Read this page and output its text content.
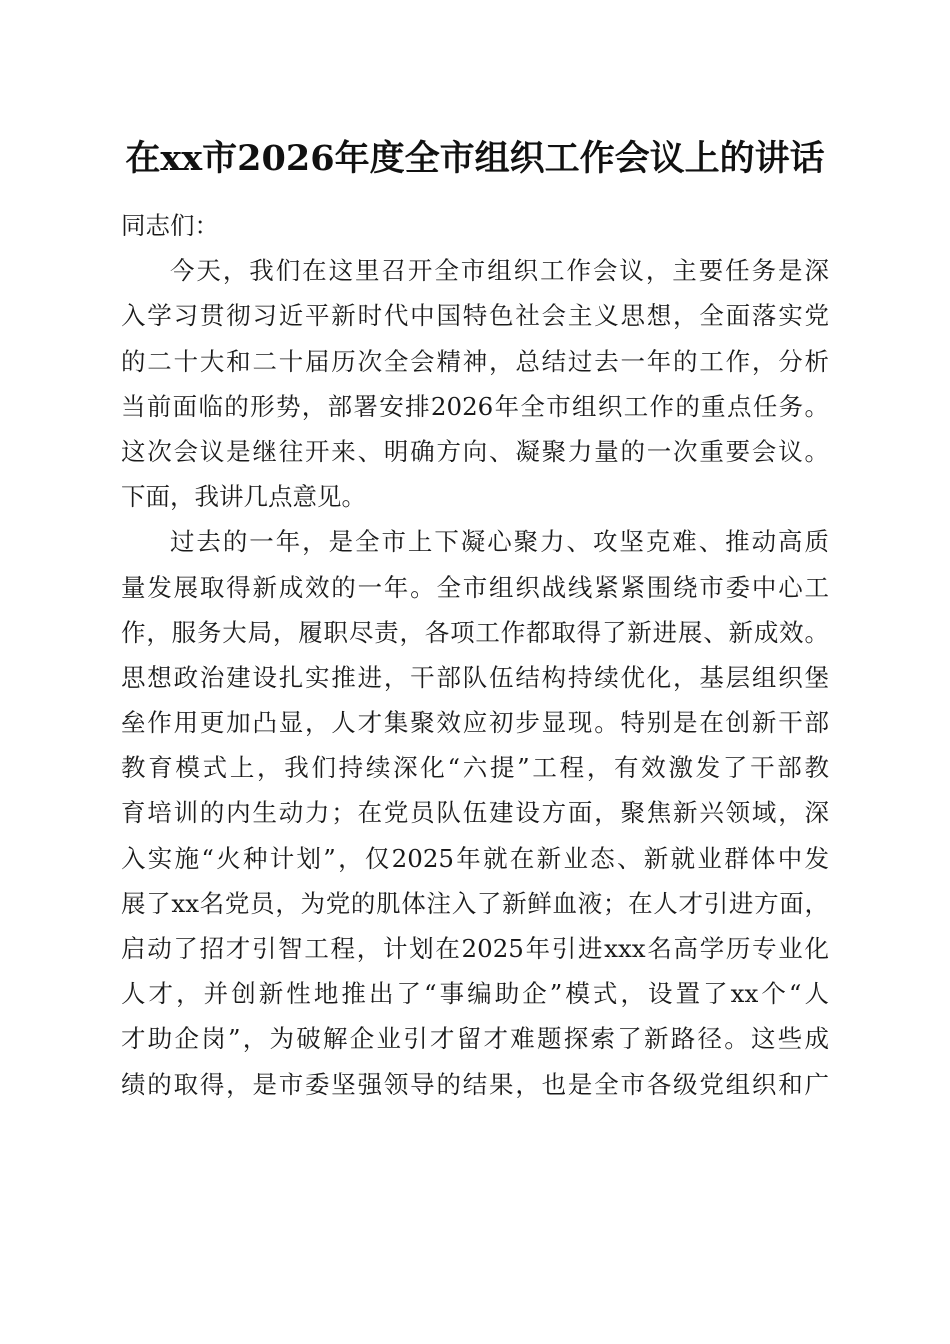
在xx市2026年度全市组织工作会议上的讲话
同志们：
今天，我们在这里召开全市组织工作会议，主要任务是深
入学习贯彻习近平新时代中国特色社会主义思想，全面落实党
的二十大和二十届历次全会精神，总结过去一年的工作，分析
当前面临的形势，部署安排2026年全市组织工作的重点任务。
这次会议是继往开来、明确方向、凝聚力量的一次重要会议。
下面，我讲几点意见。
过去的一年，是全市上下凝心聚力、攻坚克难、推动高质
量发展取得新成效的一年。全市组织战线紧紧围绕市委中心工
作，服务大局，履职尽责，各项工作都取得了新进展、新成效。
思想政治建设扎实推进，干部队伍结构持续优化，基层组织堡
垒作用更加凸显，人才集聚效应初步显现。特别是在创新干部
教育模式上，我们持续深化“六提”工程，有效激发了干部教
育培训的内生动力；在党员队伍建设方面，聚焦新兴领域，深
入实施“火种计划”，仅2025年就在新业态、新就业群体中发
展了xx名党员，为党的肌体注入了新鲜血液；在人才引进方面，
启动了招才引智工程，计划在2025年引进xxx名高学历专业化
人才，并创新性地推出了“事编助企”模式，设置了xx个“人
才助企岗”，为破解企业引才留才难题探索了新路径。这些成
绩的取得，是市委坚强领导的结果，也是全市各级党组织和广
